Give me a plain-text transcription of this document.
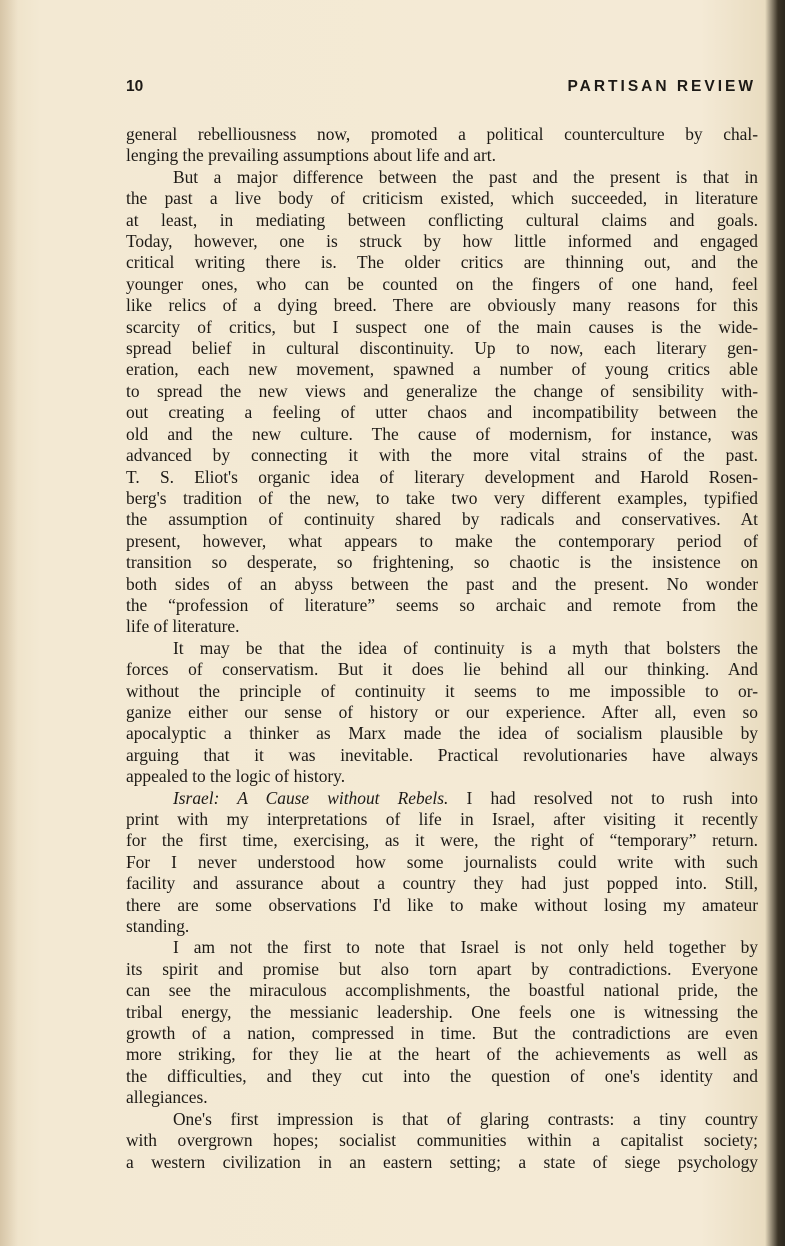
10	PARTISAN REVIEW

general rebelliousness now, promoted a political counterculture by chal-

lenging the prevailing assumptions about life and art.

But a major difference between the past and the present is that in

the past a live body of criticism existed, which succeeded, in literature

at least, in mediating between conflicting cultural claims and goals.

Today, however, one is struck by how little informed and engaged

critical writing there is. The older critics are thinning out, and the

younger ones, who can be counted on the fingers of one hand, feel

like relics of a dying breed. There are obviously many reasons for this

scarcity of critics, but I suspect one of the main causes is the wide-

spread belief in cultural discontinuity. Up to now, each literary gen-

eration, each new movement, spawned a number of young critics able

to spread the new views and generalize the change of sensibility with-

out creating a feeling of utter chaos and incompatibility between the

old and the new culture. The cause of modernism, for instance, was

advanced by connecting it with the more vital strains of the past.

T. S. Eliot's organic idea of literary development and Harold Rosen-

berg's tradition of the new, to take two very different examples, typified

the assumption of continuity shared by radicals and conservatives. At

present, however, what appears to make the contemporary period of

transition so desperate, so frightening, so chaotic is the insistence on

both sides of an abyss between the past and the present. No wonder

the “profession of literature” seems so archaic and remote from the

life of literature.

It may be that the idea of continuity is a myth that bolsters the

forces of conservatism. But it does lie behind all our thinking. And

without the principle of continuity it seems to me impossible to or-

ganize either our sense of history or our experience. After all, even so

apocalyptic a thinker as Marx made the idea of socialism plausible by

arguing that it was inevitable. Practical revolutionaries have always

appealed to the logic of history.

Israel: A Cause without Rebels. I had resolved not to rush into

print with my interpretations of life in Israel, after visiting it recently

for the first time, exercising, as it were, the right of “temporary” return.

For I never understood how some journalists could write with such

facility and assurance about a country they had just popped into. Still,

there are some observations I'd like to make without losing my amateur

standing.

I am not the first to note that Israel is not only held together by

its spirit and promise but also torn apart by contradictions. Everyone

can see the miraculous accomplishments, the boastful national pride, the

tribal energy, the messianic leadership. One feels one is witnessing the

growth of a nation, compressed in time. But the contradictions are even

more striking, for they lie at the heart of the achievements as well as

the difficulties, and they cut into the question of one's identity and

allegiances.

One's first impression is that of glaring contrasts: a tiny country

with overgrown hopes; socialist communities within a capitalist society;

a western civilization in an eastern setting; a state of siege psychology
